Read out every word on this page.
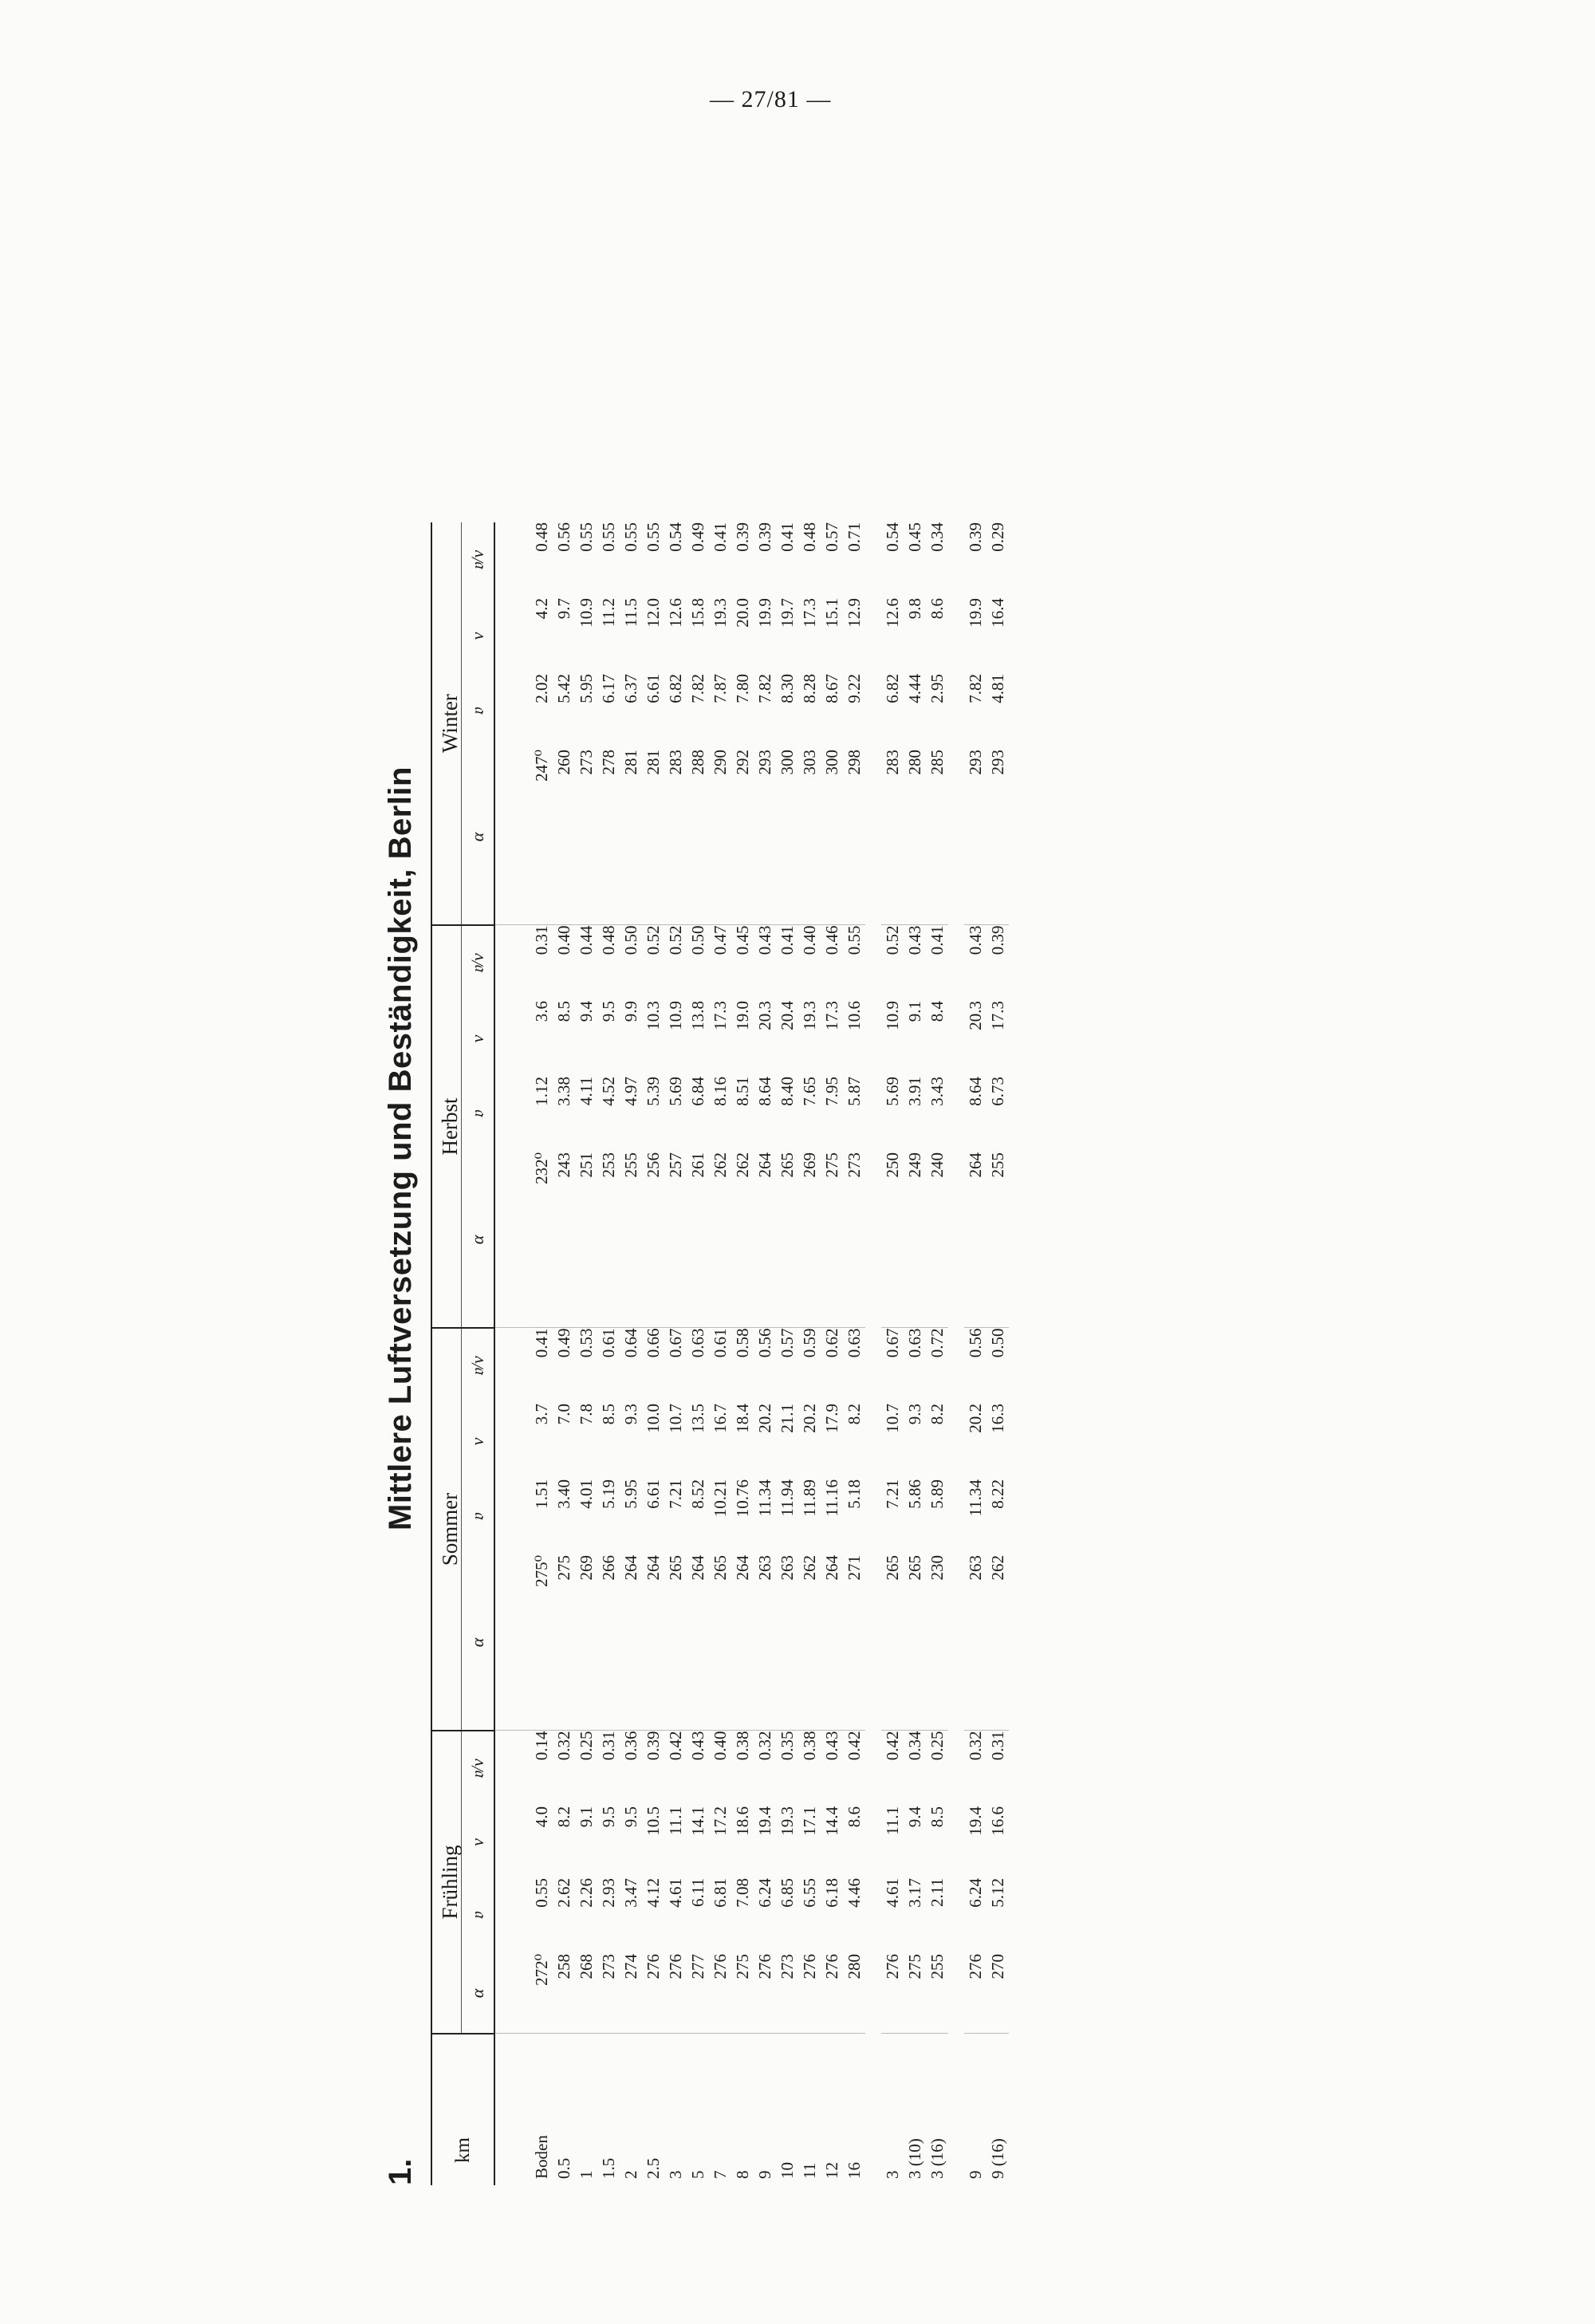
— 27/81 —
1.
Mittlere Luftversetzung und Beständigkeit, Berlin
km	Frühling				Sommer				Herbst				Winter			
	α	𝔳	v	𝔳/v	α	𝔳	v	𝔳/v	α	𝔳	v	𝔳/v	α	𝔳	v	𝔳/v
Boden	272⁰	0.55	4.0	0.14	275⁰	1.51	3.7	0.41	232⁰	1.12	3.6	0.31	247⁰	2.02	4.2	0.48
0.5	258	2.62	8.2	0.32	275	3.40	7.0	0.49	243	3.38	8.5	0.40	260	5.42	9.7	0.56
1	268	2.26	9.1	0.25	269	4.01	7.8	0.53	251	4.11	9.4	0.44	273	5.95	10.9	0.55
1.5	273	2.93	9.5	0.31	266	5.19	8.5	0.61	253	4.52	9.5	0.48	278	6.17	11.2	0.55
2	274	3.47	9.5	0.36	264	5.95	9.3	0.64	255	4.97	9.9	0.50	281	6.37	11.5	0.55
2.5	276	4.12	10.5	0.39	264	6.61	10.0	0.66	256	5.39	10.3	0.52	281	6.61	12.0	0.55
3	276	4.61	11.1	0.42	265	7.21	10.7	0.67	257	5.69	10.9	0.52	283	6.82	12.6	0.54
5	277	6.11	14.1	0.43	264	8.52	13.5	0.63	261	6.84	13.8	0.50	288	7.82	15.8	0.49
7	276	6.81	17.2	0.40	265	10.21	16.7	0.61	262	8.16	17.3	0.47	290	7.87	19.3	0.41
8	275	7.08	18.6	0.38	264	10.76	18.4	0.58	262	8.51	19.0	0.45	292	7.80	20.0	0.39
9	276	6.24	19.4	0.32	263	11.34	20.2	0.56	264	8.64	20.3	0.43	293	7.82	19.9	0.39
10	273	6.85	19.3	0.35	263	11.94	21.1	0.57	265	8.40	20.4	0.41	300	8.30	19.7	0.41
11	276	6.55	17.1	0.38	262	11.89	20.2	0.59	269	7.65	19.3	0.40	303	8.28	17.3	0.48
12	276	6.18	14.4	0.43	264	11.16	17.9	0.62	275	7.95	17.3	0.46	300	8.67	15.1	0.57
16	280	4.46	8.6	0.42	271	5.18	8.2	0.63	273	5.87	10.6	0.55	298	9.22	12.9	0.71

3	276	4.61	11.1	0.42	265	7.21	10.7	0.67	250	5.69	10.9	0.52	283	6.82	12.6	0.54
3 (10)	275	3.17	9.4	0.34	265	5.86	9.3	0.63	249	3.91	9.1	0.43	280	4.44	9.8	0.45
3 (16)	255	2.11	8.5	0.25	230	5.89	8.2	0.72	240	3.43	8.4	0.41	285	2.95	8.6	0.34

9	276	6.24	19.4	0.32	263	11.34	20.2	0.56	264	8.64	20.3	0.43	293	7.82	19.9	0.39
9 (16)	270	5.12	16.6	0.31	262	8.22	16.3	0.50	255	6.73	17.3	0.39	293	4.81	16.4	0.29
